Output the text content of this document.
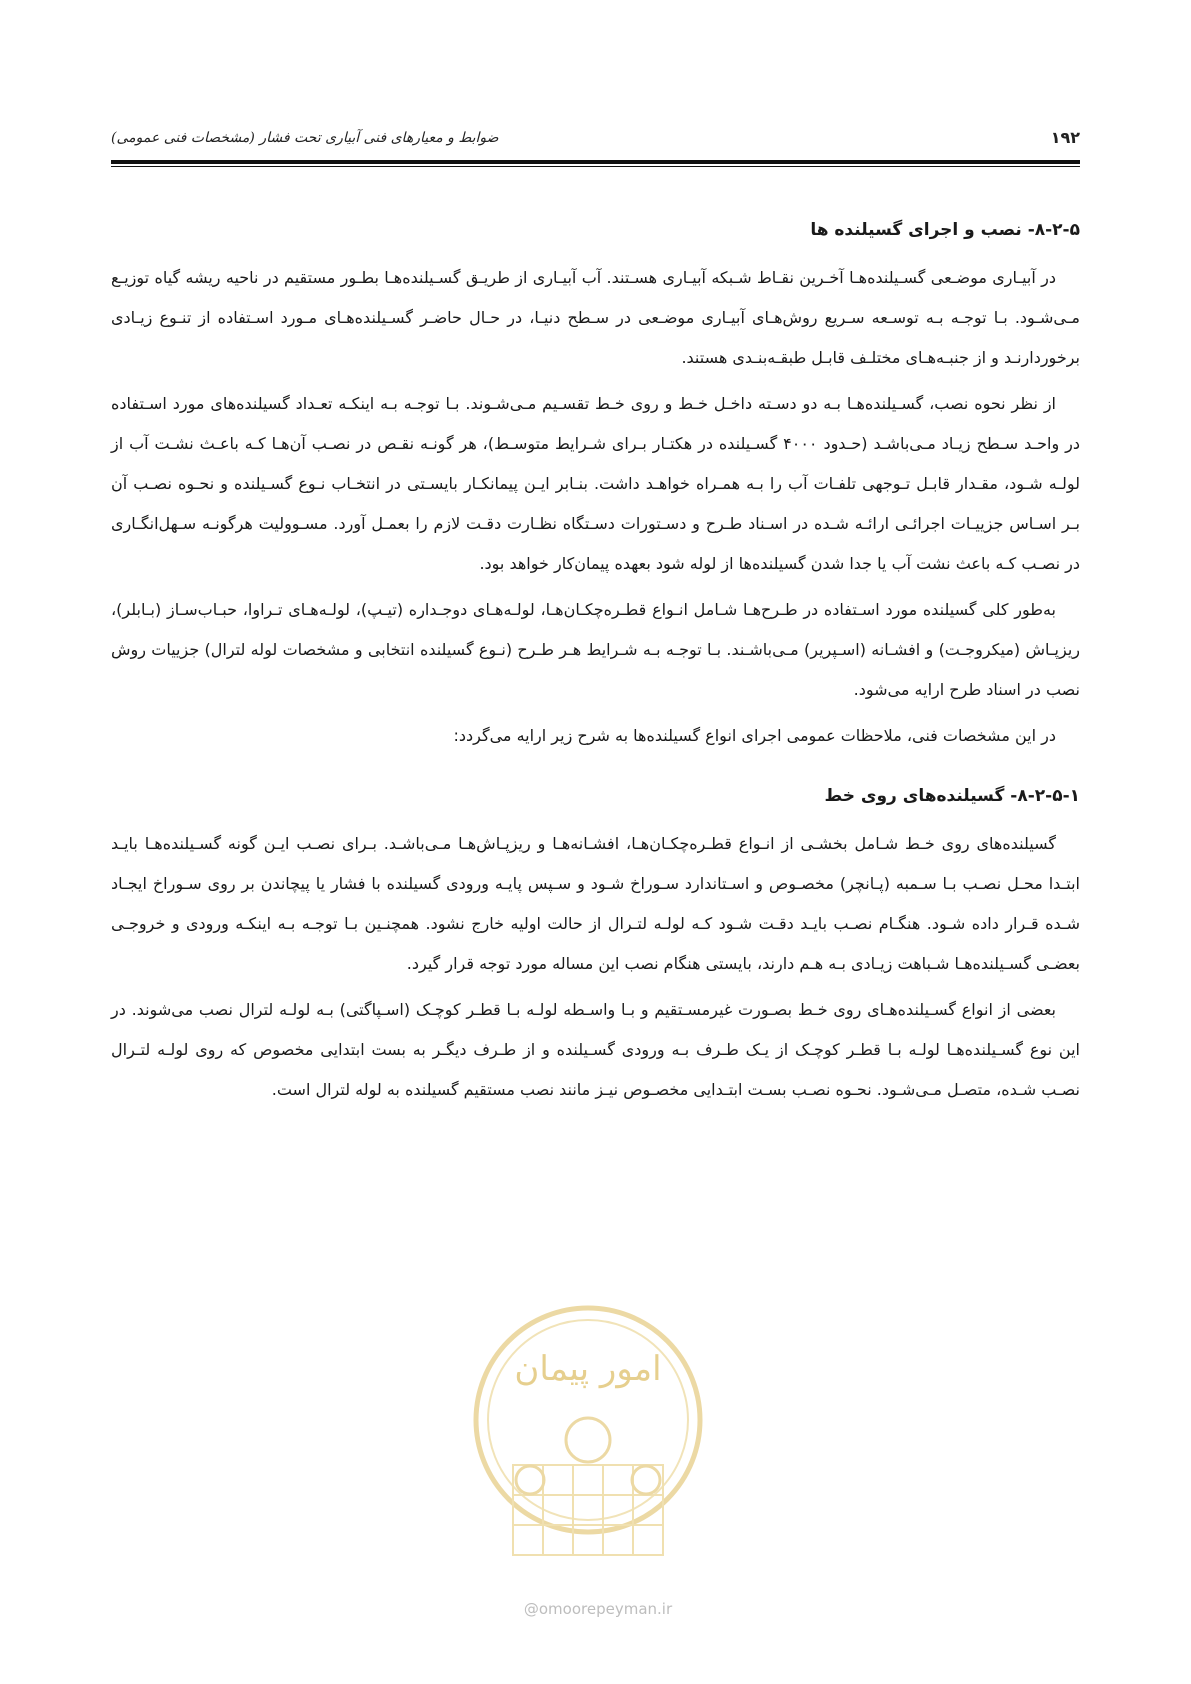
ضوابط و معیارهای فنی آبیاری تحت فشار (مشخصات فنی عمومی)	۱۹۲
۸-۲-۵- نصب و اجرای گسیلنده ها

در آبیـاری موضـعی گسـیلنده‌هـا آخـرین نقـاط شـبکه آبیـاری هسـتند. آب آبیـاری از طریـق گسـیلنده‌هـا بطـور مستقیم در ناحیه ریشه گیاه توزیـع مـی‌شـود. بـا توجـه بـه توسـعه سـریع روش‌هـای آبیـاری موضـعی در سـطح دنیـا، در حـال حاضـر گسـیلنده‌هـای مـورد اسـتفاده از تنـوع زیـادی برخوردارنـد و از جنبـه‌هـای مختلـف قابـل طبقـه‌بنـدی هستند.

از نظر نحوه نصب، گسـیلنده‌هـا بـه دو دسـته داخـل خـط و روی خـط تقسـیم مـی‌شـوند. بـا توجـه بـه اینکـه تعـداد گسیلنده‌های مورد اسـتفاده در واحـد سـطح زیـاد مـی‌باشـد (حـدود ۴۰۰۰ گسـیلنده در هکتـار بـرای شـرایط متوسـط)، هر گونـه نقـص در نصـب آن‌هـا کـه باعـث نشـت آب از لولـه شـود، مقـدار قابـل تـوجهی تلفـات آب را بـه همـراه خواهـد داشت. بنـابر ایـن پیمانکـار بایسـتی در انتخـاب نـوع گسـیلنده و نحـوه نصـب آن بـر اسـاس جزییـات اجرائـی ارائـه شـده در اسـناد طـرح و دسـتورات دسـتگاه نظـارت دقـت لازم را بعمـل آورد. مسـوولیت هرگونـه سـهل‌انگـاری در نصـب کـه باعث نشت آب یا جدا شدن گسیلنده‌ها از لوله شود بعهده پیمان‌کار خواهد بود.

به‌طور کلی گسیلنده مورد اسـتفاده در طـرح‌هـا شـامل انـواع قطـره‌چکـان‌هـا، لولـه‌هـای دوجـداره (تیـپ)، لولـه‌هـای تـراوا، حبـاب‌سـاز (بـابلر)، ریزپـاش (میکروجـت) و افشـانه (اسـپریر) مـی‌باشـند. بـا توجـه بـه شـرایط هـر طـرح (نـوع گسیلنده انتخابی و مشخصات لوله لترال) جزییات روش نصب در اسناد طرح ارایه می‌شود.

در این مشخصات فنی، ملاحظات عمومی اجرای انواع گسیلنده‌ها به شرح زیر ارایه می‌گردد:

۸-۲-۵-۱- گسیلنده‌های روی خط

گسیلنده‌های روی خـط شـامل بخشـی از انـواع قطـره‌چکـان‌هـا، افشـانه‌هـا و ریزپـاش‌هـا مـی‌باشـد. بـرای نصـب ایـن گونه گسـیلنده‌هـا بایـد ابتـدا محـل نصـب بـا سـمبه (پـانچر) مخصـوص و اسـتاندارد سـوراخ شـود و سـپس پایـه ورودی گسیلنده با فشار یا پیچاندن بر روی سـوراخ ایجـاد شـده قـرار داده شـود. هنگـام نصـب بایـد دقـت شـود کـه لولـه لتـرال از حالت اولیه خارج نشود. همچنـین بـا توجـه بـه اینکـه ورودی و خروجـی بعضـی گسـیلنده‌هـا شـباهت زیـادی بـه هـم دارند، بایستی هنگام نصب این مساله مورد توجه قرار گیرد.

بعضی از انواع گسـیلنده‌هـای روی خـط بصـورت غیرمسـتقیم و بـا واسـطه لولـه بـا قطـر کوچـک (اسـپاگتی) بـه لولـه لترال نصب می‌شوند. در این نوع گسـیلنده‌هـا لولـه بـا قطـر کوچـک از یـک طـرف بـه ورودی گسـیلنده و از طـرف دیگـر به بست ابتدایی مخصوص که روی لولـه لتـرال نصـب شـده، متصـل مـی‌شـود. نحـوه نصـب بسـت ابتـدایی مخصـوص نیـز مانند نصب مستقیم گسیلنده به لوله لترال است.

امور پیمان
@omoorepeyman.ir
